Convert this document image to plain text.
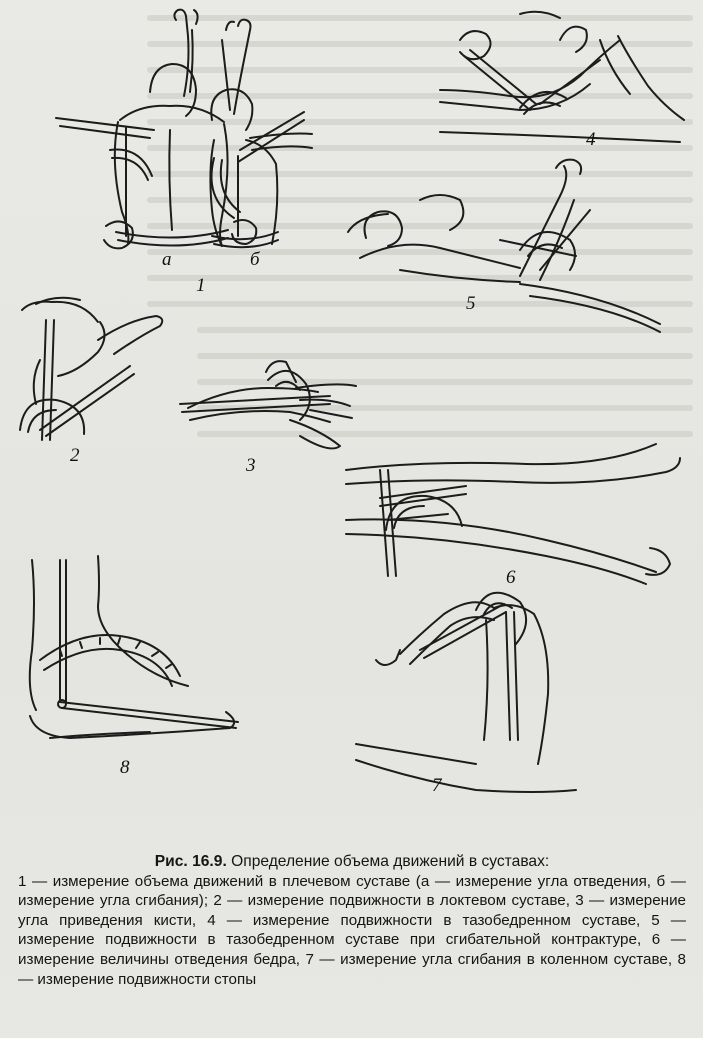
а	б
1
2	3
4
5
6
7
8
Рис. 16.9. Определение объема движений в суставах:
1 — измерение объема движений в плечевом суставе (а — измерение угла отведения, б — измерение угла сгибания); 2 — измерение подвижности в локтевом суставе, 3 — измерение угла приведения кисти, 4 — измерение подвижности в тазобедренном суставе, 5 — измерение подвижности в тазобедренном суставе при сгибательной контрактуре, 6 — измерение величины отведения бедра, 7 — измерение угла сгибания в коленном суставе, 8 — измерение подвижности стопы
